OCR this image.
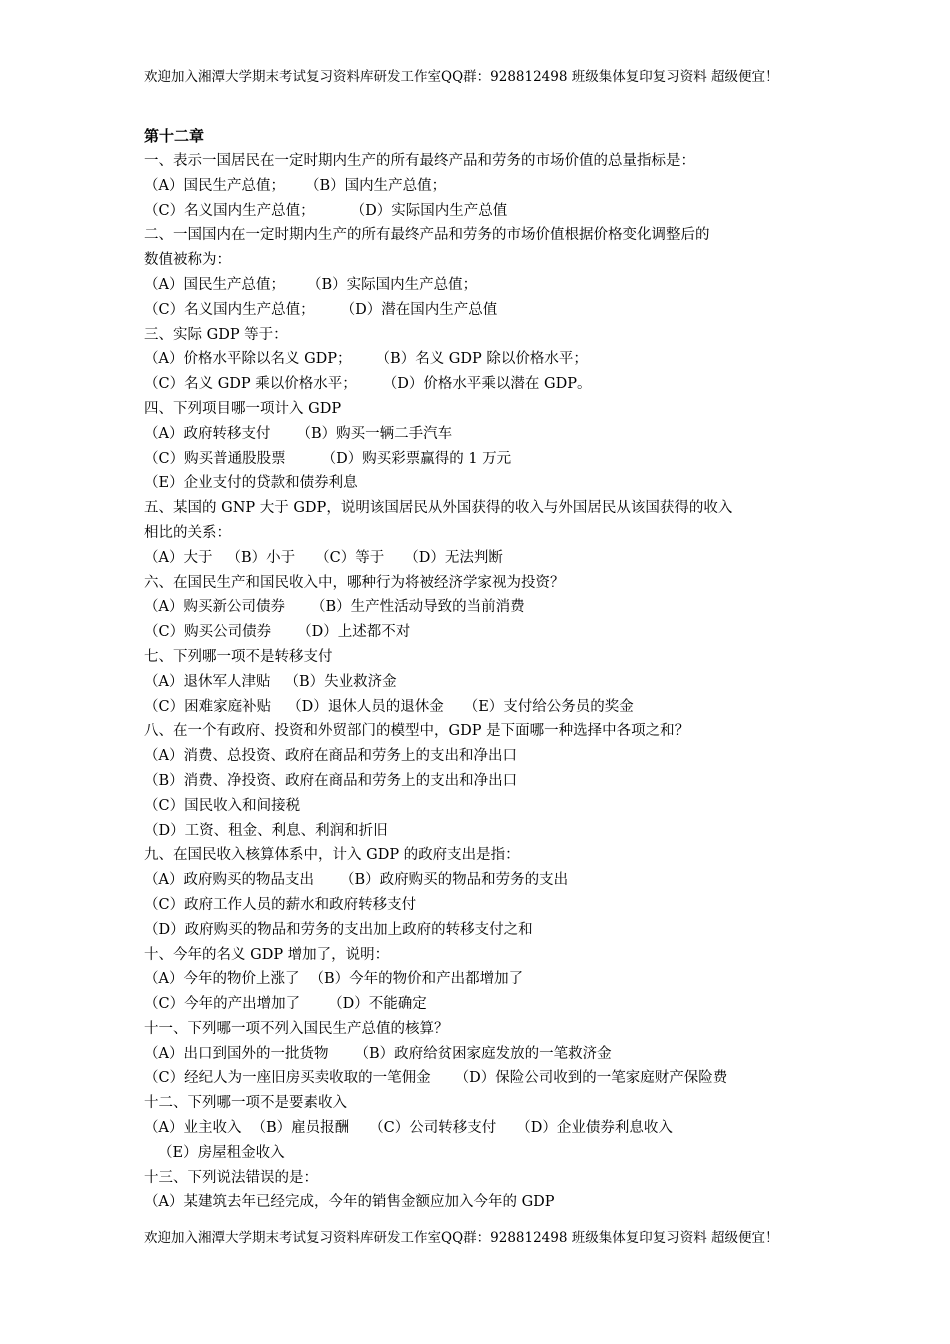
欢迎加入湘潭大学期末考试复习资料库研发工作室QQ群：928812498 班级集体复印复习资料 超级便宜！
第十二章
一、表示一国居民在一定时期内生产的所有最终产品和劳务的市场价值的总量指标是：
（A）国民生产总值； （B）国内生产总值；
（C）名义国内生产总值； （D）实际国内生产总值
二、一国国内在一定时期内生产的所有最终产品和劳务的市场价值根据价格变化调整后的
数值被称为：
（A）国民生产总值； （B）实际国内生产总值；
（C）名义国内生产总值； （D）潜在国内生产总值
三、实际 GDP 等于：
（A）价格水平除以名义 GDP； （B）名义 GDP 除以价格水平；
（C）名义 GDP 乘以价格水平； （D）价格水平乘以潜在 GDP。
四、下列项目哪一项计入 GDP
（A）政府转移支付 （B）购买一辆二手汽车
（C）购买普通股股票 （D）购买彩票赢得的 1 万元
（E）企业支付的贷款和债券利息
五、某国的 GNP 大于 GDP，说明该国居民从外国获得的收入与外国居民从该国获得的收入
相比的关系：
（A）大于 （B）小于 （C）等于 （D）无法判断
六、在国民生产和国民收入中，哪种行为将被经济学家视为投资？
（A）购买新公司债券 （B）生产性活动导致的当前消费
（C）购买公司债券 （D）上述都不对
七、下列哪一项不是转移支付
（A）退休军人津贴 （B）失业救济金
（C）困难家庭补贴 （D）退休人员的退休金 （E）支付给公务员的奖金
八、在一个有政府、投资和外贸部门的模型中，GDP 是下面哪一种选择中各项之和？
（A）消费、总投资、政府在商品和劳务上的支出和净出口
（B）消费、净投资、政府在商品和劳务上的支出和净出口
（C）国民收入和间接税
（D）工资、租金、利息、利润和折旧
九、在国民收入核算体系中，计入 GDP 的政府支出是指：
（A）政府购买的物品支出 （B）政府购买的物品和劳务的支出
（C）政府工作人员的薪水和政府转移支付
（D）政府购买的物品和劳务的支出加上政府的转移支付之和
十、今年的名义 GDP 增加了，说明：
（A）今年的物价上涨了 （B）今年的物价和产出都增加了
（C）今年的产出增加了 （D）不能确定
十一、下列哪一项不列入国民生产总值的核算？
（A）出口到国外的一批货物 （B）政府给贫困家庭发放的一笔救济金
（C）经纪人为一座旧房买卖收取的一笔佣金 （D）保险公司收到的一笔家庭财产保险费
十二、下列哪一项不是要素收入
（A）业主收入 （B）雇员报酬 （C）公司转移支付 （D）企业债券利息收入
（E）房屋租金收入
十三、下列说法错误的是：
（A）某建筑去年已经完成，今年的销售金额应加入今年的 GDP
欢迎加入湘潭大学期末考试复习资料库研发工作室QQ群：928812498 班级集体复印复习资料 超级便宜！
